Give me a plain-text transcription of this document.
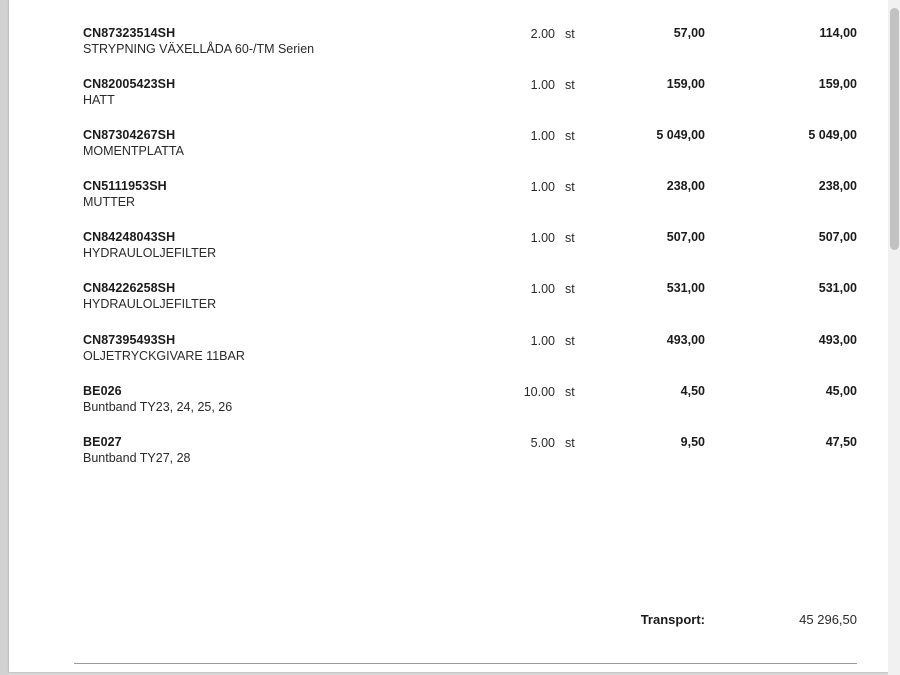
CN87323514SH
STRYPNING VÄXELLÅDA 60-/TM Serien
2.00 st	57,00	114,00
CN82005423SH
HATT
1.00 st	159,00	159,00
CN87304267SH
MOMENTPLATTA
1.00 st	5 049,00	5 049,00
CN5111953SH
MUTTER
1.00 st	238,00	238,00
CN84248043SH
HYDRAULOLJEFILTER
1.00 st	507,00	507,00
CN84226258SH
HYDRAULOLJEFILTER
1.00 st	531,00	531,00
CN87395493SH
OLJETRYCKGIVARE 11BAR
1.00 st	493,00	493,00
BE026
Buntband TY23, 24, 25, 26
10.00 st	4,50	45,00
BE027
Buntband TY27, 28
5.00 st	9,50	47,50
Transport:	45 296,50
